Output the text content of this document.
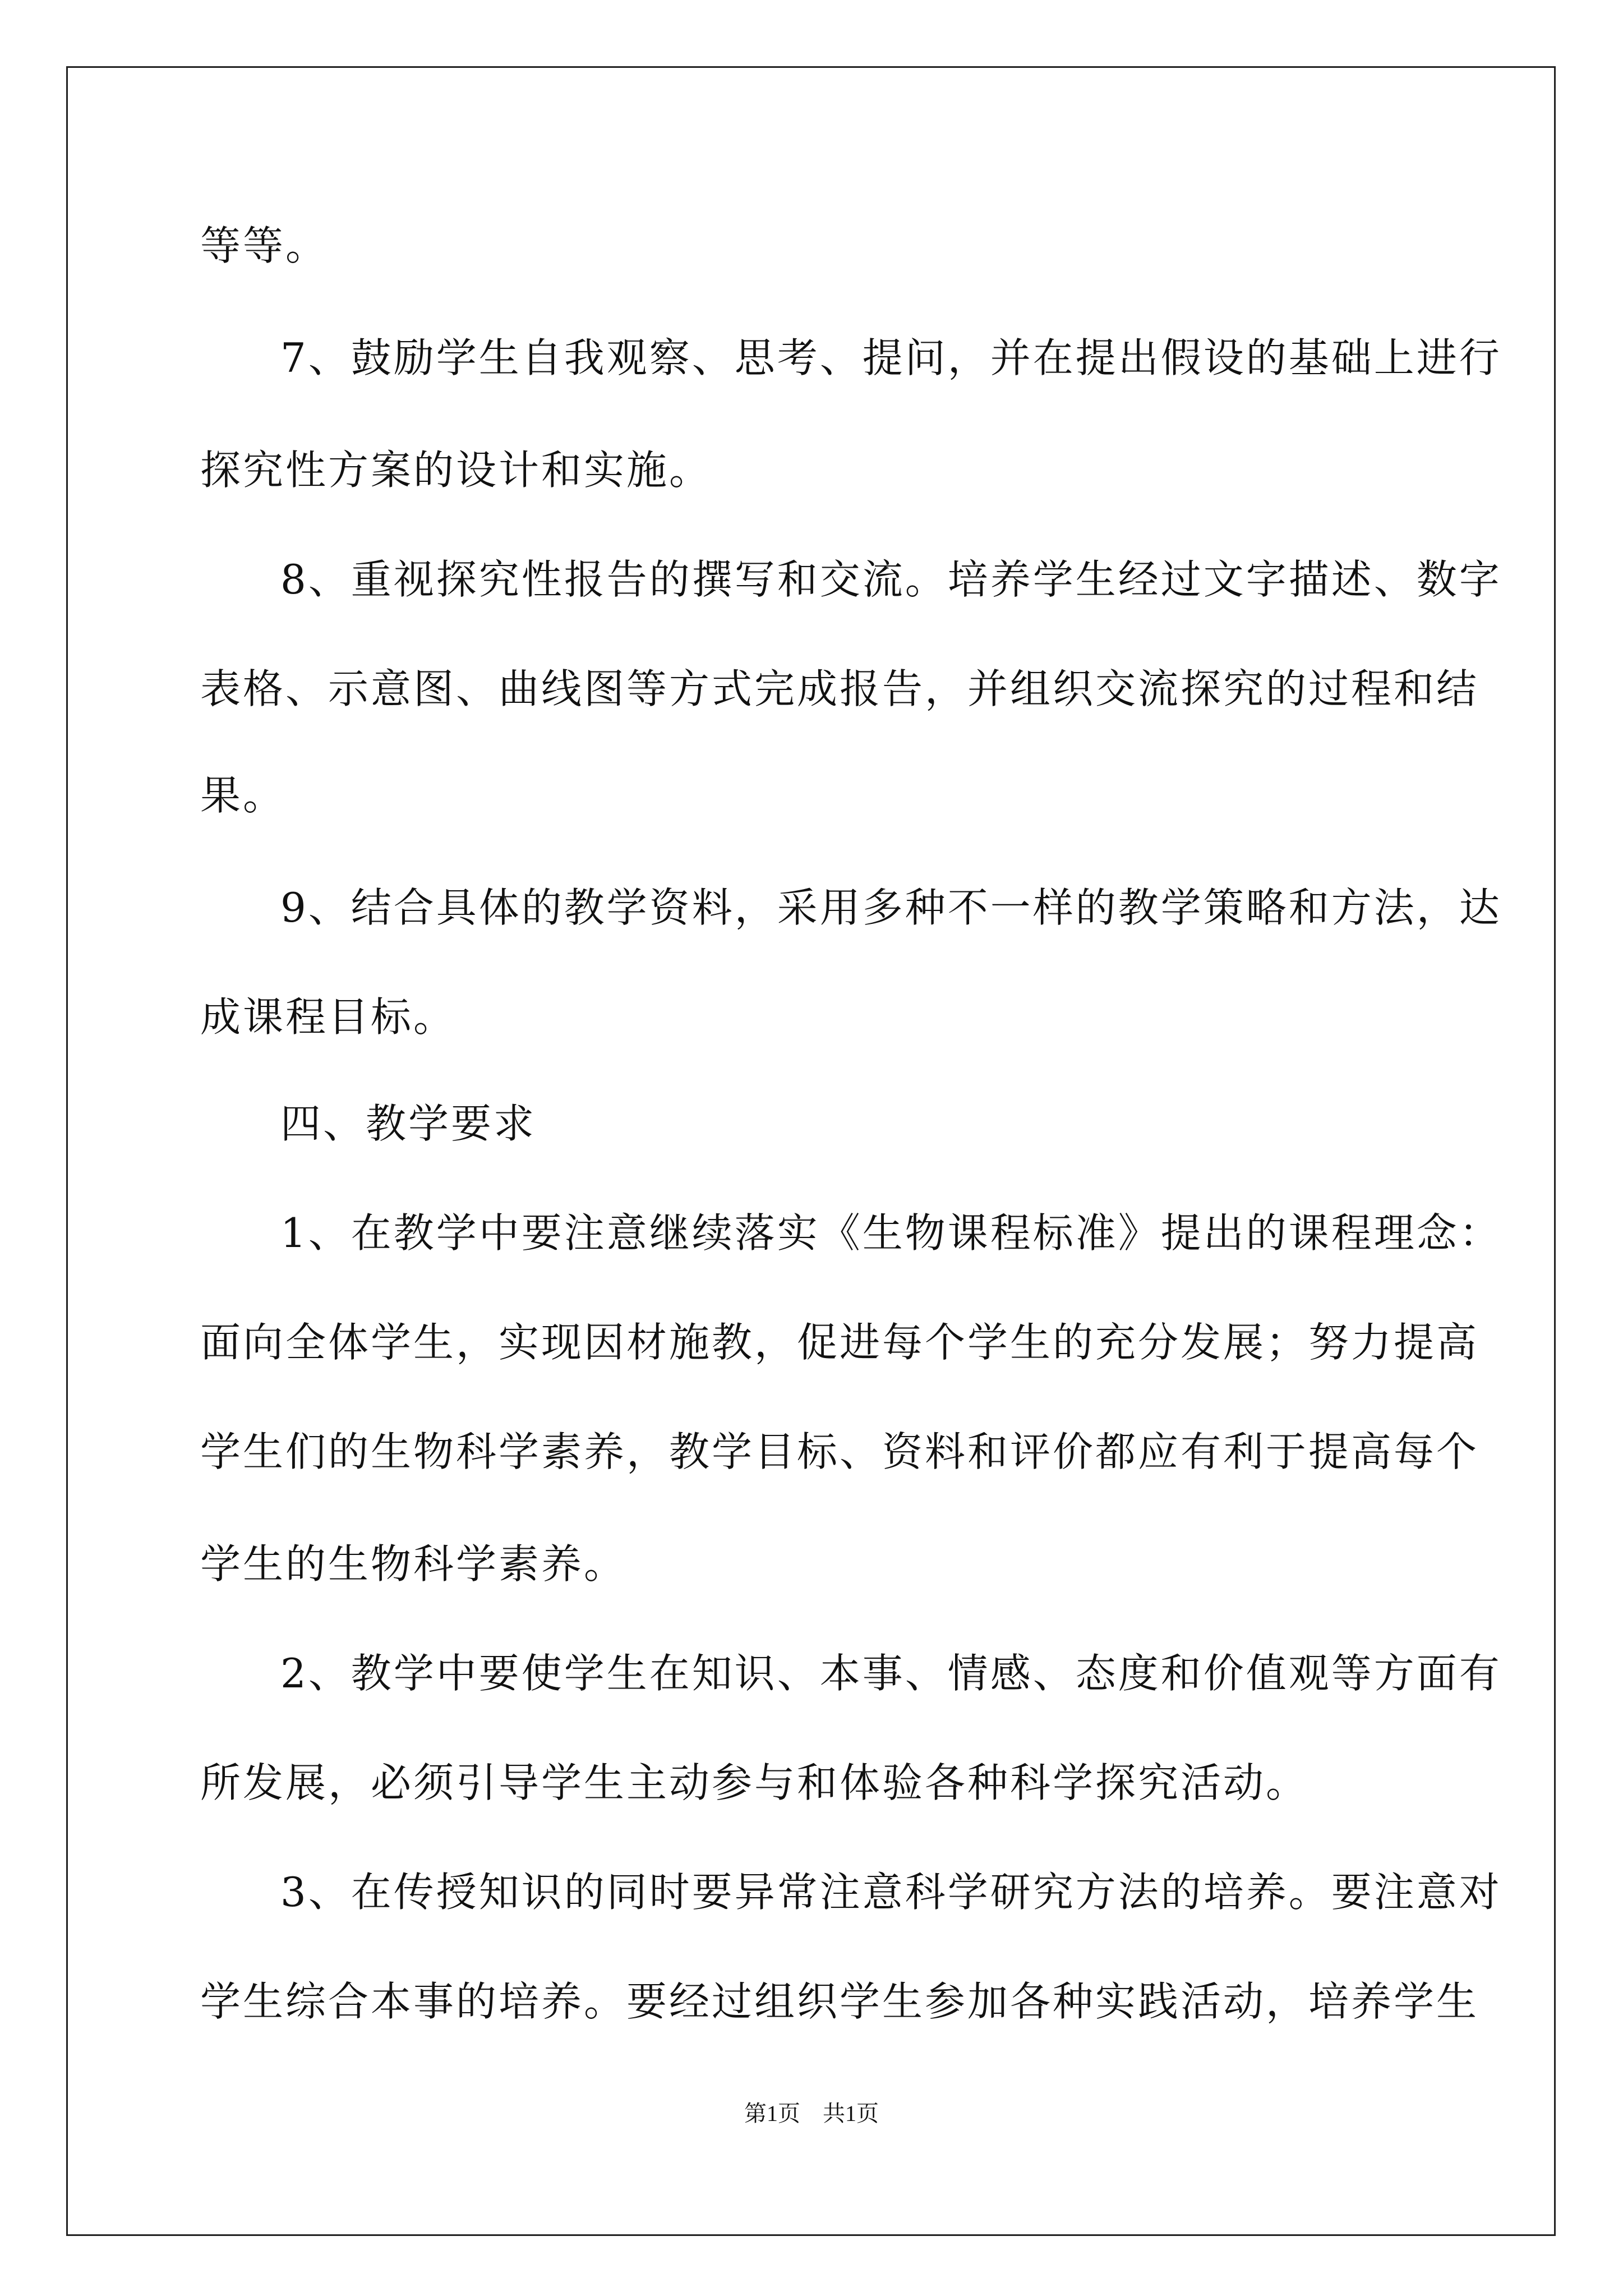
等等。
7、鼓励学生自我观察、思考、提问，并在提出假设的基础上进行
探究性方案的设计和实施。
8、重视探究性报告的撰写和交流。培养学生经过文字描述、数字
表格、示意图、曲线图等方式完成报告，并组织交流探究的过程和结
果。
9、结合具体的教学资料，采用多种不一样的教学策略和方法，达
成课程目标。
四、教学要求
1、在教学中要注意继续落实《生物课程标准》提出的课程理念：
面向全体学生，实现因材施教，促进每个学生的充分发展；努力提高
学生们的生物科学素养，教学目标、资料和评价都应有利于提高每个
学生的生物科学素养。
2、教学中要使学生在知识、本事、情感、态度和价值观等方面有
所发展，必须引导学生主动参与和体验各种科学探究活动。
3、在传授知识的同时要异常注意科学研究方法的培养。要注意对
学生综合本事的培养。要经过组织学生参加各种实践活动，培养学生
第1页　共1页
